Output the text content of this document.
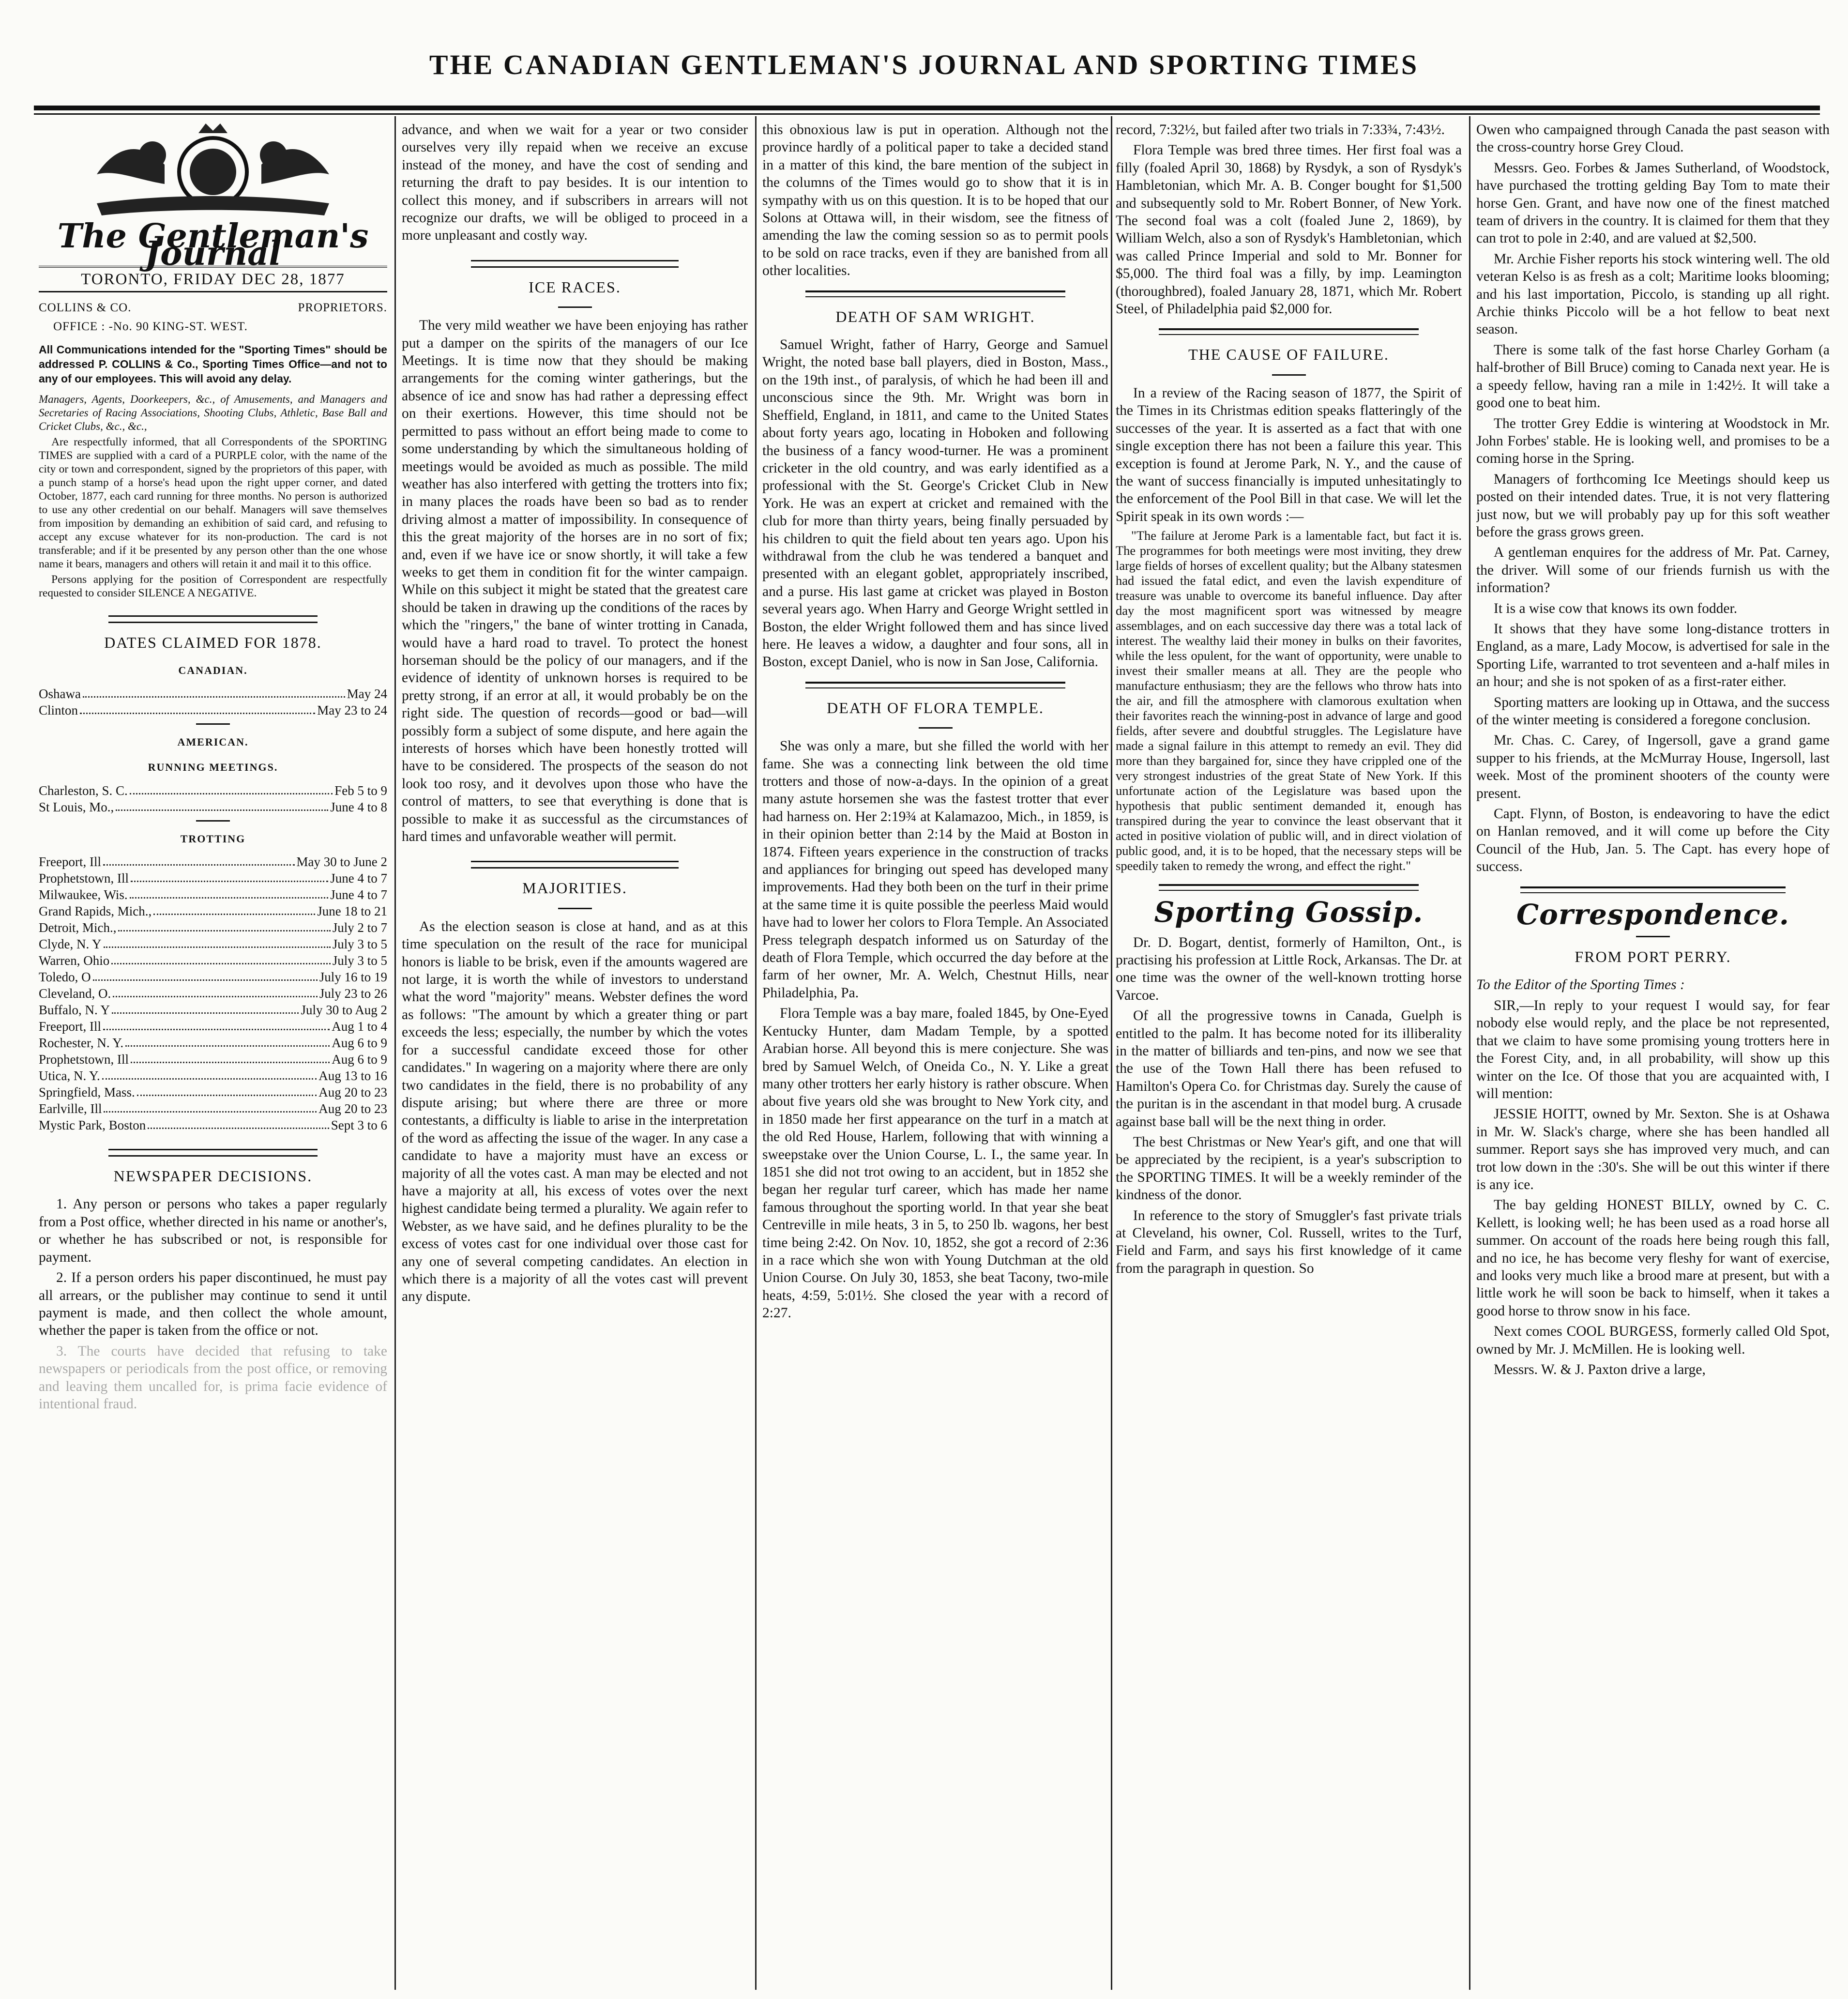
THE CANADIAN GENTLEMAN'S JOURNAL AND SPORTING TIMES
The Gentleman's Journal
TORONTO, FRIDAY DEC 28, 1877
COLLINS & CO.	PROPRIETORS.
OFFICE : -No. 90 KING-ST. WEST.
All Communications intended for the "Sporting Times" should be addressed P. COLLINS & Co., Sporting Times Office—and not to any of our employees. This will avoid any delay.
Managers, Agents, Doorkeepers, &c., of Amusements, and Managers and Secretaries of Racing Associations, Shooting Clubs, Athletic, Base Ball and Cricket Clubs, &c., &c.,

Are respectfully informed, that all Correspondents of the SPORTING TIMES are supplied with a card of a PURPLE color, with the name of the city or town and correspondent, signed by the proprietors of this paper, with a punch stamp of a horse's head upon the right upper corner, and dated October, 1877, each card running for three months. No person is authorized to use any other credential on our behalf. Managers will save themselves from imposition by demanding an exhibition of said card, and refusing to accept any excuse whatever for its non-production. The card is not transferable; and if it be presented by any person other than the one whose name it bears, managers and others will retain it and mail it to this office.

Persons applying for the position of Correspondent are respectfully requested to consider SILENCE A NEGATIVE.

DATES CLAIMED FOR 1878.
CANADIAN.
Oshawa	May 24
Clinton	May 23 to 24
AMERICAN.
RUNNING MEETINGS.
Charleston, S. C.	Feb 5 to 9
St Louis, Mo.,	June 4 to 8
TROTTING
Freeport, Ill	May 30 to June 2
Prophetstown, Ill	June 4 to 7
Milwaukee, Wis.	June 4 to 7
Grand Rapids, Mich.,	June 18 to 21
Detroit, Mich.,	July 2 to 7
Clyde, N. Y	July 3 to 5
Warren, Ohio	July 3 to 5
Toledo, O	July 16 to 19
Cleveland, O.	July 23 to 26
Buffalo, N. Y	July 30 to Aug 2
Freeport, Ill	Aug 1 to 4
Rochester, N. Y.	Aug 6 to 9
Prophetstown, Ill	Aug 6 to 9
Utica, N. Y.	Aug 13 to 16
Springfield, Mass.	Aug 20 to 23
Earlville, Ill	Aug 20 to 23
Mystic Park, Boston	Sept 3 to 6
NEWSPAPER DECISIONS.

1. Any person or persons who takes a paper regularly from a Post office, whether directed in his name or another's, or whether he has subscribed or not, is responsible for payment.

2. If a person orders his paper discontinued, he must pay all arrears, or the publisher may continue to send it until payment is made, and then collect the whole amount, whether the paper is taken from the office or not.

3. The courts have decided that refusing to take newspapers or periodicals from the post office, or removing and leaving them uncalled for, is prima facie evidence of intentional fraud.

advance, and when we wait for a year or two consider ourselves very illy repaid when we receive an excuse instead of the money, and have the cost of sending and returning the draft to pay besides. It is our intention to collect this money, and if subscribers in arrears will not recognize our drafts, we will be obliged to proceed in a more unpleasant and costly way.

ICE RACES.

The very mild weather we have been enjoying has rather put a damper on the spirits of the managers of our Ice Meetings. It is time now that they should be making arrangements for the coming winter gatherings, but the absence of ice and snow has had rather a depressing effect on their exertions. However, this time should not be permitted to pass without an effort being made to come to some understanding by which the simultaneous holding of meetings would be avoided as much as possible. The mild weather has also interfered with getting the trotters into fix; in many places the roads have been so bad as to render driving almost a matter of impossibility. In consequence of this the great majority of the horses are in no sort of fix; and, even if we have ice or snow shortly, it will take a few weeks to get them in condition fit for the winter campaign. While on this subject it might be stated that the greatest care should be taken in drawing up the conditions of the races by which the "ringers," the bane of winter trotting in Canada, would have a hard road to travel. To protect the honest horseman should be the policy of our managers, and if the evidence of identity of unknown horses is required to be pretty strong, if an error at all, it would probably be on the right side. The question of records—good or bad—will possibly form a subject of some dispute, and here again the interests of horses which have been honestly trotted will have to be considered. The prospects of the season do not look too rosy, and it devolves upon those who have the control of matters, to see that everything is done that is possible to make it as successful as the circumstances of hard times and unfavorable weather will permit.

MAJORITIES.

As the election season is close at hand, and as at this time speculation on the result of the race for municipal honors is liable to be brisk, even if the amounts wagered are not large, it is worth the while of investors to understand what the word "majority" means. Webster defines the word as follows: "The amount by which a greater thing or part exceeds the less; especially, the number by which the votes for a successful candidate exceed those for other candidates." In wagering on a majority where there are only two candidates in the field, there is no probability of any dispute arising; but where there are three or more contestants, a difficulty is liable to arise in the interpretation of the word as affecting the issue of the wager. In any case a candidate to have a majority must have an excess or majority of all the votes cast. A man may be elected and not have a majority at all, his excess of votes over the next highest candidate being termed a plurality. We again refer to Webster, as we have said, and he defines plurality to be the excess of votes cast for one individual over those cast for any one of several competing candidates. An election in which there is a majority of all the votes cast will prevent any dispute.

this obnoxious law is put in operation. Although not the province hardly of a political paper to take a decided stand in a matter of this kind, the bare mention of the subject in the columns of the Times would go to show that it is in sympathy with us on this question. It is to be hoped that our Solons at Ottawa will, in their wisdom, see the fitness of amending the law the coming session so as to permit pools to be sold on race tracks, even if they are banished from all other localities.

DEATH OF SAM WRIGHT.

Samuel Wright, father of Harry, George and Samuel Wright, the noted base ball players, died in Boston, Mass., on the 19th inst., of paralysis, of which he had been ill and unconscious since the 9th. Mr. Wright was born in Sheffield, England, in 1811, and came to the United States about forty years ago, locating in Hoboken and following the business of a fancy wood-turner. He was a prominent cricketer in the old country, and was early identified as a professional with the St. George's Cricket Club in New York. He was an expert at cricket and remained with the club for more than thirty years, being finally persuaded by his children to quit the field about ten years ago. Upon his withdrawal from the club he was tendered a banquet and presented with an elegant goblet, appropriately inscribed, and a purse. His last game at cricket was played in Boston several years ago. When Harry and George Wright settled in Boston, the elder Wright followed them and has since lived here. He leaves a widow, a daughter and four sons, all in Boston, except Daniel, who is now in San Jose, California.

DEATH OF FLORA TEMPLE.

She was only a mare, but she filled the world with her fame. She was a connecting link between the old time trotters and those of now-a-days. In the opinion of a great many astute horsemen she was the fastest trotter that ever had harness on. Her 2:19¾ at Kalamazoo, Mich., in 1859, is in their opinion better than 2:14 by the Maid at Boston in 1874. Fifteen years experience in the construction of tracks and appliances for bringing out speed has developed many improvements. Had they both been on the turf in their prime at the same time it is quite possible the peerless Maid would have had to lower her colors to Flora Temple. An Associated Press telegraph despatch informed us on Saturday of the death of Flora Temple, which occurred the day before at the farm of her owner, Mr. A. Welch, Chestnut Hills, near Philadelphia, Pa.

Flora Temple was a bay mare, foaled 1845, by One-Eyed Kentucky Hunter, dam Madam Temple, by a spotted Arabian horse. All beyond this is mere conjecture. She was bred by Samuel Welch, of Oneida Co., N. Y. Like a great many other trotters her early history is rather obscure. When about five years old she was brought to New York city, and in 1850 made her first appearance on the turf in a match at the old Red House, Harlem, following that with winning a sweepstake over the Union Course, L. I., the same year. In 1851 she did not trot owing to an accident, but in 1852 she began her regular turf career, which has made her name famous throughout the sporting world. In that year she beat Centreville in mile heats, 3 in 5, to 250 lb. wagons, her best time being 2:42. On Nov. 10, 1852, she got a record of 2:36 in a race which she won with Young Dutchman at the old Union Course. On July 30, 1853, she beat Tacony, two-mile heats, 4:59, 5:01½. She closed the year with a record of 2:27.

record, 7:32½, but failed after two trials in 7:33¾, 7:43½.

Flora Temple was bred three times. Her first foal was a filly (foaled April 30, 1868) by Rysdyk, a son of Rysdyk's Hambletonian, which Mr. A. B. Conger bought for $1,500 and subsequently sold to Mr. Robert Bonner, of New York. The second foal was a colt (foaled June 2, 1869), by William Welch, also a son of Rysdyk's Hambletonian, which was called Prince Imperial and sold to Mr. Bonner for $5,000. The third foal was a filly, by imp. Leamington (thoroughbred), foaled January 28, 1871, which Mr. Robert Steel, of Philadelphia paid $2,000 for.

THE CAUSE OF FAILURE.

In a review of the Racing season of 1877, the Spirit of the Times in its Christmas edition speaks flatteringly of the successes of the year. It is asserted as a fact that with one single exception there has not been a failure this year. This exception is found at Jerome Park, N. Y., and the cause of the want of success financially is imputed unhesitatingly to the enforcement of the Pool Bill in that case. We will let the Spirit speak in its own words :—

"The failure at Jerome Park is a lamentable fact, but fact it is. The programmes for both meetings were most inviting, they drew large fields of horses of excellent quality; but the Albany statesmen had issued the fatal edict, and even the lavish expenditure of treasure was unable to overcome its baneful influence. Day after day the most magnificent sport was witnessed by meagre assemblages, and on each successive day there was a total lack of interest. The wealthy laid their money in bulks on their favorites, while the less opulent, for the want of opportunity, were unable to invest their smaller means at all. They are the people who manufacture enthusiasm; they are the fellows who throw hats into the air, and fill the atmosphere with clamorous exultation when their favorites reach the winning-post in advance of large and good fields, after severe and doubtful struggles. The Legislature have made a signal failure in this attempt to remedy an evil. They did more than they bargained for, since they have crippled one of the very strongest industries of the great State of New York. If this unfortunate action of the Legislature was based upon the hypothesis that public sentiment demanded it, enough has transpired during the year to convince the least observant that it acted in positive violation of public will, and in direct violation of public good, and, it is to be hoped, that the necessary steps will be speedily taken to remedy the wrong, and effect the right."

Sporting Gossip.

Dr. D. Bogart, dentist, formerly of Hamilton, Ont., is practising his profession at Little Rock, Arkansas. The Dr. at one time was the owner of the well-known trotting horse Varcoe.

Of all the progressive towns in Canada, Guelph is entitled to the palm. It has become noted for its illiberality in the matter of billiards and ten-pins, and now we see that the use of the Town Hall there has been refused to Hamilton's Opera Co. for Christmas day. Surely the cause of the puritan is in the ascendant in that model burg. A crusade against base ball will be the next thing in order.

The best Christmas or New Year's gift, and one that will be appreciated by the recipient, is a year's subscription to the SPORTING TIMES. It will be a weekly reminder of the kindness of the donor.

In reference to the story of Smuggler's fast private trials at Cleveland, his owner, Col. Russell, writes to the Turf, Field and Farm, and says his first knowledge of it came from the paragraph in question. So

Owen who campaigned through Canada the past season with the cross-country horse Grey Cloud.

Messrs. Geo. Forbes & James Sutherland, of Woodstock, have purchased the trotting gelding Bay Tom to mate their horse Gen. Grant, and have now one of the finest matched team of drivers in the country. It is claimed for them that they can trot to pole in 2:40, and are valued at $2,500.

Mr. Archie Fisher reports his stock wintering well. The old veteran Kelso is as fresh as a colt; Maritime looks blooming; and his last importation, Piccolo, is standing up all right. Archie thinks Piccolo will be a hot fellow to beat next season.

There is some talk of the fast horse Charley Gorham (a half-brother of Bill Bruce) coming to Canada next year. He is a speedy fellow, having ran a mile in 1:42½. It will take a good one to beat him.

The trotter Grey Eddie is wintering at Woodstock in Mr. John Forbes' stable. He is looking well, and promises to be a coming horse in the Spring.

Managers of forthcoming Ice Meetings should keep us posted on their intended dates. True, it is not very flattering just now, but we will probably pay up for this soft weather before the grass grows green.

A gentleman enquires for the address of Mr. Pat. Carney, the driver. Will some of our friends furnish us with the information?

It is a wise cow that knows its own fodder.

It shows that they have some long-distance trotters in England, as a mare, Lady Mocow, is advertised for sale in the Sporting Life, warranted to trot seventeen and a-half miles in an hour; and she is not spoken of as a first-rater either.

Sporting matters are looking up in Ottawa, and the success of the winter meeting is considered a foregone conclusion.

Mr. Chas. C. Carey, of Ingersoll, gave a grand game supper to his friends, at the McMurray House, Ingersoll, last week. Most of the prominent shooters of the county were present.

Capt. Flynn, of Boston, is endeavoring to have the edict on Hanlan removed, and it will come up before the City Council of the Hub, Jan. 5. The Capt. has every hope of success.

Correspondence.
FROM PORT PERRY.

To the Editor of the Sporting Times :

SIR,—In reply to your request I would say, for fear nobody else would reply, and the place be not represented, that we claim to have some promising young trotters here in the Forest City, and, in all probability, will show up this winter on the Ice. Of those that you are acquainted with, I will mention:

JESSIE HOITT, owned by Mr. Sexton. She is at Oshawa in Mr. W. Slack's charge, where she has been handled all summer. Report says she has improved very much, and can trot low down in the :30's. She will be out this winter if there is any ice.

The bay gelding HONEST BILLY, owned by C. C. Kellett, is looking well; he has been used as a road horse all summer. On account of the roads here being rough this fall, and no ice, he has become very fleshy for want of exercise, and looks very much like a brood mare at present, but with a little work he will soon be back to himself, when it takes a good horse to throw snow in his face.

Next comes COOL BURGESS, formerly called Old Spot, owned by Mr. J. McMillen. He is looking well.

Messrs. W. & J. Paxton drive a large,
